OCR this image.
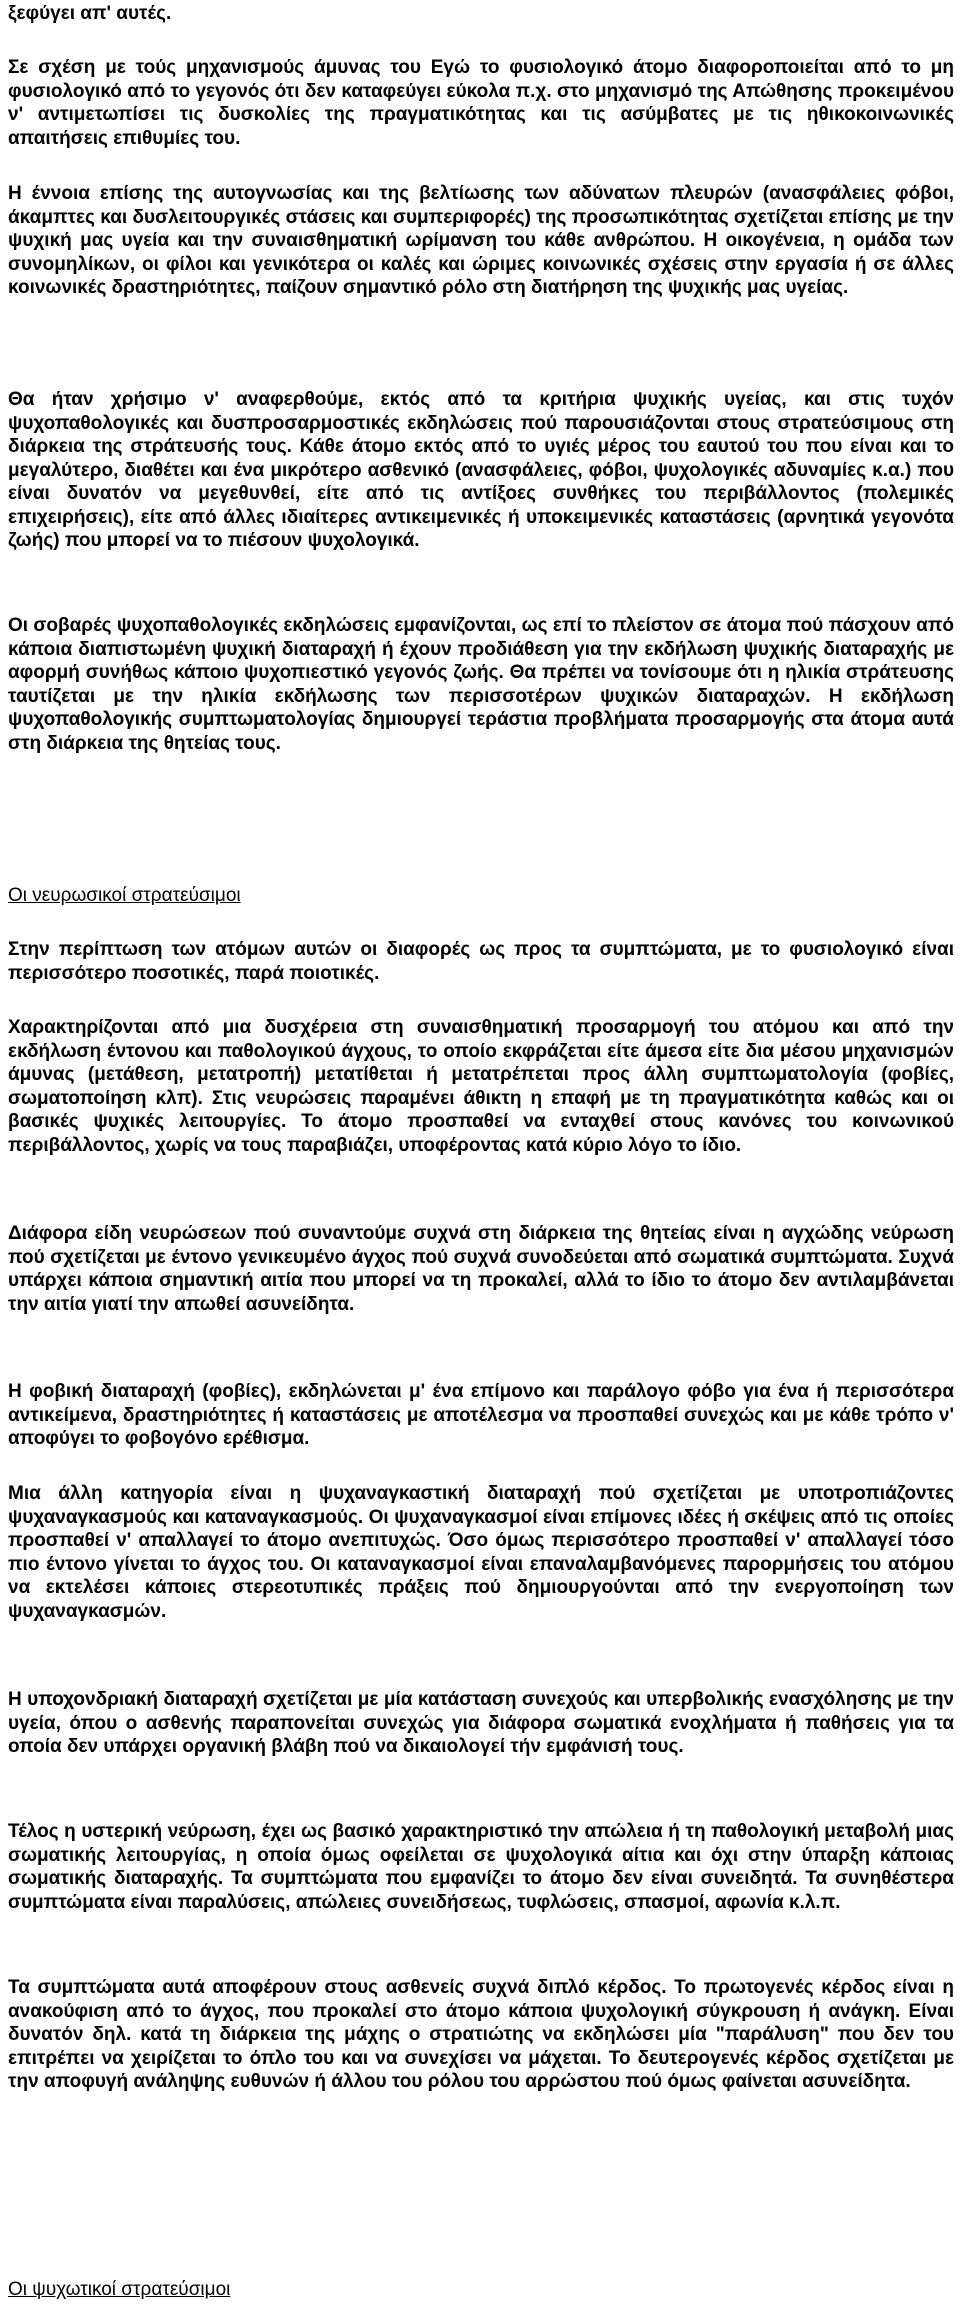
ξεφύγει απ' αυτές.

Σε σχέση με τούς μηχανισμούς άμυνας του Εγώ το φυσιολογικό άτομο διαφοροποιείται από το μη φυσιολογικό από το γεγονός ότι δεν καταφεύγει εύκολα π.χ. στο μηχανισμό της Απώθησης προκειμένου ν' αντιμετωπίσει τις δυσκολίες της πραγματικότητας και τις ασύμβατες με τις ηθικοκοινωνικές απαιτήσεις επιθυμίες του.

Η έννοια επίσης της αυτογνωσίας και της βελτίωσης των αδύνατων πλευρών (ανασφάλειες φόβοι, άκαμπτες και δυσλειτουργικές στάσεις και συμπεριφορές) της προσωπικότητας σχετίζεται επίσης με την ψυχική μας υγεία και την συναισθηματική ωρίμανση του κάθε ανθρώπου. Η οικογένεια, η ομάδα των συνομηλίκων, οι φίλοι και γενικότερα οι καλές και ώριμες κοινωνικές σχέσεις στην εργασία ή σε άλλες κοινωνικές δραστηριότητες, παίζουν σημαντικό ρόλο στη διατήρηση της ψυχικής μας υγείας.

Θα ήταν χρήσιμο ν' αναφερθούμε, εκτός από τα κριτήρια ψυχικής υγείας, και στις τυχόν ψυχοπαθολογικές και δυσπροσαρμοστικές εκδηλώσεις πού παρουσιάζονται στους στρατεύσιμους στη διάρκεια της στράτευσής τους. Κάθε άτομο εκτός από το υγιές μέρος του εαυτού του που είναι και το μεγαλύτερο, διαθέτει και ένα μικρότερο ασθενικό (ανασφάλειες, φόβοι, ψυχολογικές αδυναμίες κ.α.) που είναι δυνατόν να μεγεθυνθεί, είτε από τις αντίξοες συνθήκες του περιβάλλοντος (πολεμικές επιχειρήσεις), είτε από άλλες ιδιαίτερες αντικειμενικές ή υποκειμενικές καταστάσεις (αρνητικά γεγονότα ζωής) που μπορεί να το πιέσουν ψυχολογικά.

Οι σοβαρές ψυχοπαθολογικές εκδηλώσεις εμφανίζονται, ως επί το πλείστον σε άτομα πού πάσχουν από κάποια διαπιστωμένη ψυχική διαταραχή ή έχουν προδιάθεση για την εκδήλωση ψυχικής διαταραχής με αφορμή συνήθως κάποιο ψυχοπιεστικό γεγονός ζωής. Θα πρέπει να τονίσουμε ότι η ηλικία στράτευσης ταυτίζεται με την ηλικία εκδήλωσης των περισσοτέρων ψυχικών διαταραχών. Η εκδήλωση ψυχοπαθολογικής συμπτωματολογίας δημιουργεί τεράστια προβλήματα προσαρμογής στα άτομα αυτά στη διάρκεια της θητείας τους.

Οι νευρωσικοί στρατεύσιμοι

Στην περίπτωση των ατόμων αυτών οι διαφορές ως προς τα συμπτώματα, με το φυσιολογικό είναι περισσότερο ποσοτικές, παρά ποιοτικές.

Χαρακτηρίζονται από μια δυσχέρεια στη συναισθηματική προσαρμογή του ατόμου και από την εκδήλωση έντονου και παθολογικού άγχους, το οποίο εκφράζεται είτε άμεσα είτε δια μέσου μηχανισμών άμυνας (μετάθεση, μετατροπή) μετατίθεται ή μετατρέπεται προς άλλη συμπτωματολογία (φοβίες, σωματοποίηση κλπ). Στις νευρώσεις παραμένει άθικτη η επαφή με τη πραγματικότητα καθώς και οι βασικές ψυχικές λειτουργίες. Το άτομο προσπαθεί να ενταχθεί στους κανόνες του κοινωνικού περιβάλλοντος, χωρίς να τους παραβιάζει, υποφέροντας κατά κύριο λόγο το ίδιο.

Διάφορα είδη νευρώσεων πού συναντούμε συχνά στη διάρκεια της θητείας είναι η αγχώδης νεύρωση πού σχετίζεται με έντονο γενικευμένο άγχος πού συχνά συνοδεύεται από σωματικά συμπτώματα. Συχνά υπάρχει κάποια σημαντική αιτία που μπορεί να τη προκαλεί, αλλά το ίδιο το άτομο δεν αντιλαμβάνεται την αιτία γιατί την απωθεί ασυνείδητα.

Η φοβική διαταραχή (φοβίες), εκδηλώνεται μ' ένα επίμονο και παράλογο φόβο για ένα ή περισσότερα αντικείμενα, δραστηριότητες ή καταστάσεις με αποτέλεσμα να προσπαθεί συνεχώς και με κάθε τρόπο ν' αποφύγει το φοβογόνο ερέθισμα.

Μια άλλη κατηγορία είναι η ψυχαναγκαστική διαταραχή πού σχετίζεται με υποτροπιάζοντες ψυχαναγκασμούς και καταναγκασμούς. Οι ψυχαναγκασμοί είναι επίμονες ιδέες ή σκέψεις από τις οποίες προσπαθεί ν' απαλλαγεί το άτομο ανεπιτυχώς. Όσο όμως περισσότερο προσπαθεί ν' απαλλαγεί τόσο πιο έντονο γίνεται το άγχος του. Οι καταναγκασμοί είναι επαναλαμβανόμενες παρορμήσεις του ατόμου να εκτελέσει κάποιες στερεοτυπικές πράξεις πού δημιουργούνται από την ενεργοποίηση των ψυχαναγκασμών.

Η υποχονδριακή διαταραχή σχετίζεται με μία κατάσταση συνεχούς και υπερβολικής ενασχόλησης με την υγεία, όπου ο ασθενής παραπονείται συνεχώς για διάφορα σωματικά ενοχλήματα ή παθήσεις για τα οποία δεν υπάρχει οργανική βλάβη πού να δικαιολογεί τήν εμφάνισή τους.

Τέλος η υστερική νεύρωση, έχει ως βασικό χαρακτηριστικό την απώλεια ή τη παθολογική μεταβολή μιας σωματικής λειτουργίας, η οποία όμως οφείλεται σε ψυχολογικά αίτια και όχι στην ύπαρξη κάποιας σωματικής διαταραχής. Τα συμπτώματα που εμφανίζει το άτομο δεν είναι συνειδητά. Τα συνηθέστερα συμπτώματα είναι παραλύσεις, απώλειες συνειδήσεως, τυφλώσεις, σπασμοί, αφωνία κ.λ.π.

Τα συμπτώματα αυτά αποφέρουν στους ασθενείς συχνά διπλό κέρδος. Το πρωτογενές κέρδος είναι η ανακούφιση από το άγχος, που προκαλεί στο άτομο κάποια ψυχολογική σύγκρουση ή ανάγκη. Είναι δυνατόν δηλ. κατά τη διάρκεια της μάχης ο στρατιώτης να εκδηλώσει μία "παράλυση" που δεν του επιτρέπει να χειρίζεται το όπλο του και να συνεχίσει να μάχεται. Το δευτερογενές κέρδος σχετίζεται με την αποφυγή ανάληψης ευθυνών ή άλλου του ρόλου του αρρώστου πού όμως φαίνεται ασυνείδητα.

Οι ψυχωτικοί στρατεύσιμοι
